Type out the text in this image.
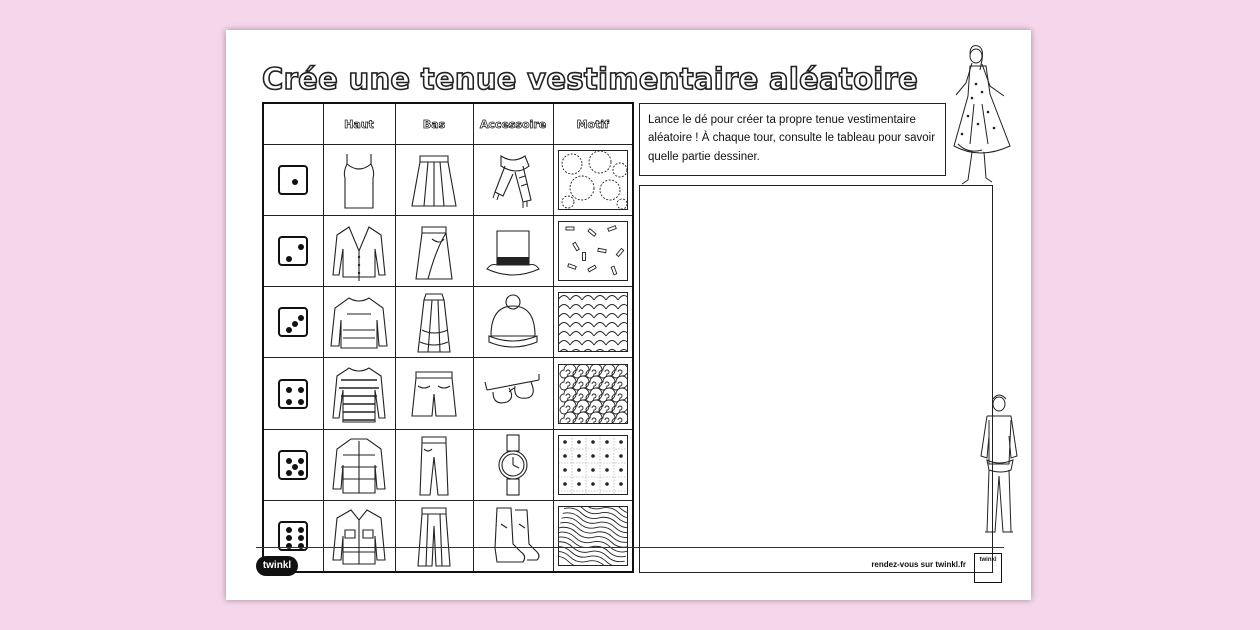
Crée une tenue vestimentaire aléatoire
	Haut	Bas	Accessoire	Motif

		Lance le dé pour créer ta propre tenue vestimentaire aléatoire ! À chaque tour, consulte le tableau pour savoir quelle partie dessiner.
twinkl	rendez-vous sur twinkl.fr	twinkl
